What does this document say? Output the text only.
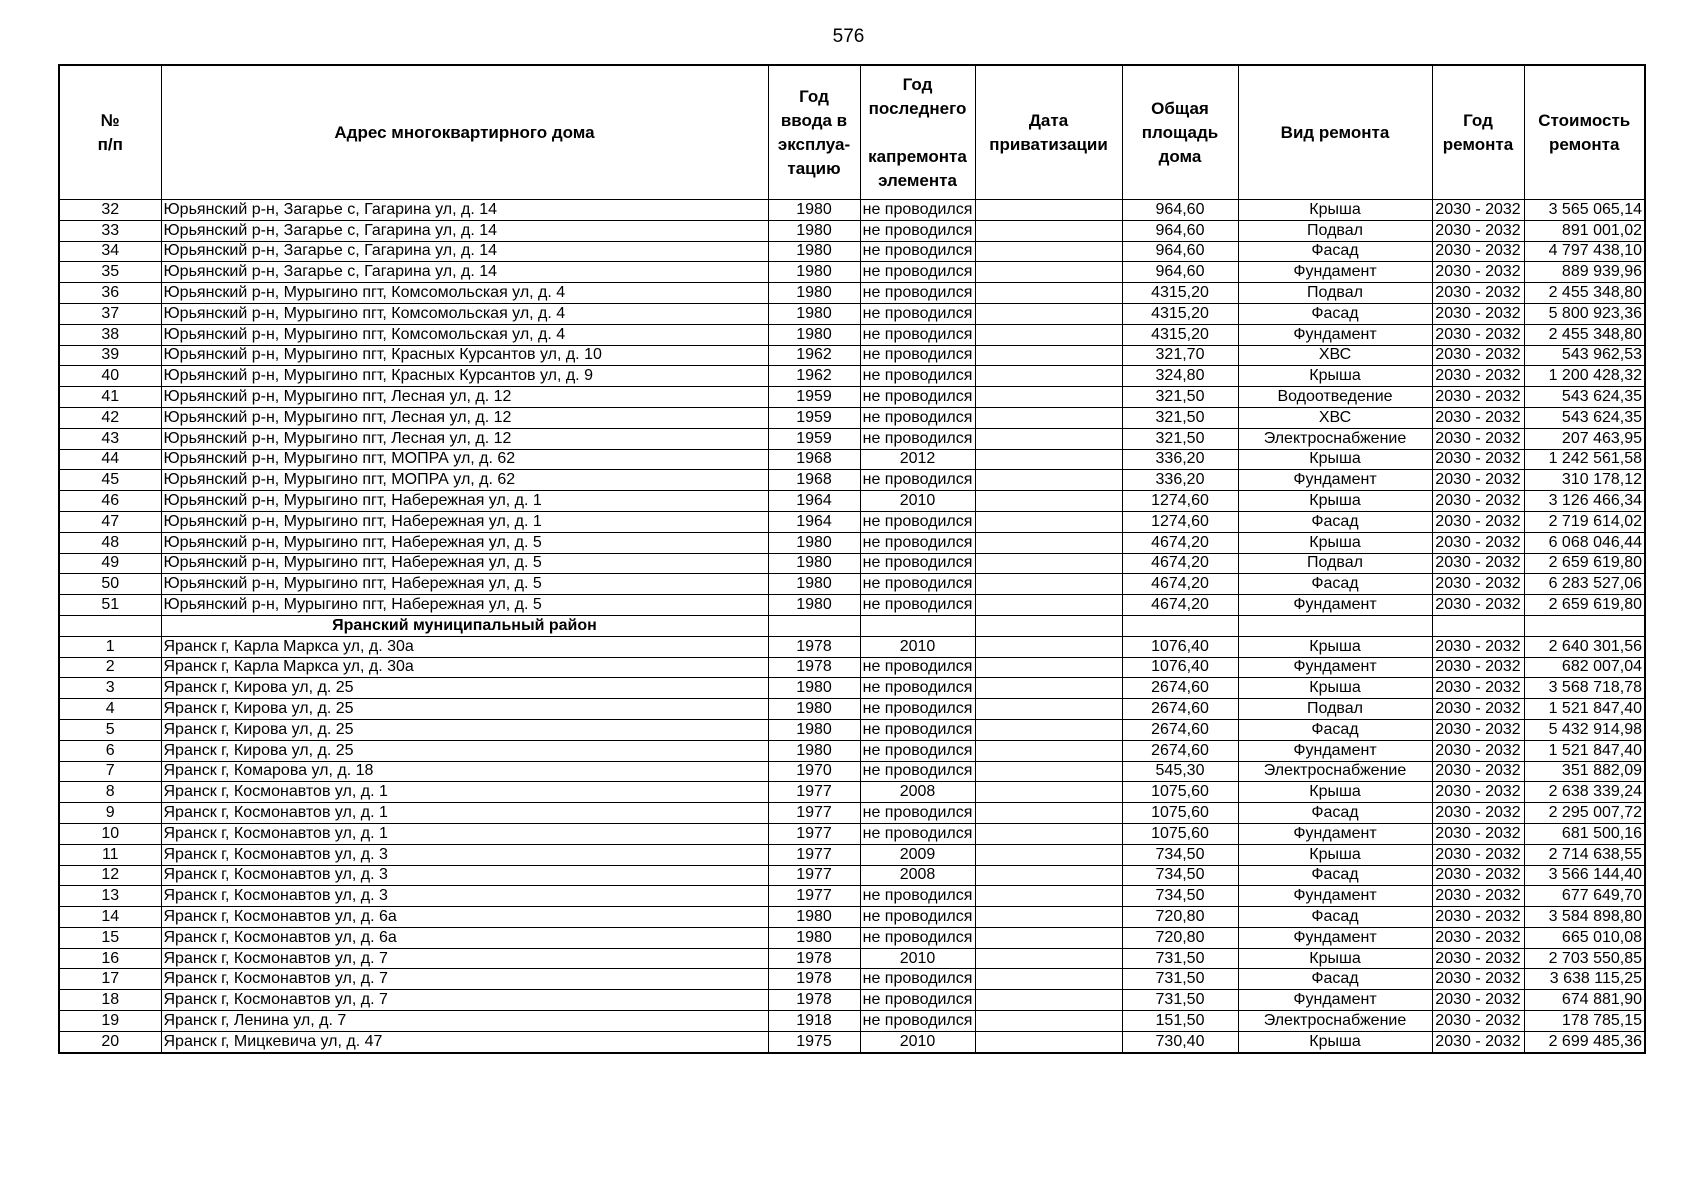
576
№
п/п	Адрес многоквартирного дома	Год
ввода в
эксплуа-
тацию	Год
последнего

капремонта
элемента	Дата
приватизации	Общая
площадь
дома	Вид ремонта	Год
ремонта	Стоимость
ремонта
32	Юрьянский р-н, Загарье с, Гагарина ул, д. 14	1980	не проводился		964,60	Крыша	2030 - 2032	3 565 065,14
33	Юрьянский р-н, Загарье с, Гагарина ул, д. 14	1980	не проводился		964,60	Подвал	2030 - 2032	891 001,02
34	Юрьянский р-н, Загарье с, Гагарина ул, д. 14	1980	не проводился		964,60	Фасад	2030 - 2032	4 797 438,10
35	Юрьянский р-н, Загарье с, Гагарина ул, д. 14	1980	не проводился		964,60	Фундамент	2030 - 2032	889 939,96
36	Юрьянский р-н, Мурыгино пгт, Комсомольская ул, д. 4	1980	не проводился		4315,20	Подвал	2030 - 2032	2 455 348,80
37	Юрьянский р-н, Мурыгино пгт, Комсомольская ул, д. 4	1980	не проводился		4315,20	Фасад	2030 - 2032	5 800 923,36
38	Юрьянский р-н, Мурыгино пгт, Комсомольская ул, д. 4	1980	не проводился		4315,20	Фундамент	2030 - 2032	2 455 348,80
39	Юрьянский р-н, Мурыгино пгт, Красных Курсантов ул, д. 10	1962	не проводился		321,70	ХВС	2030 - 2032	543 962,53
40	Юрьянский р-н, Мурыгино пгт, Красных Курсантов ул, д. 9	1962	не проводился		324,80	Крыша	2030 - 2032	1 200 428,32
41	Юрьянский р-н, Мурыгино пгт, Лесная ул, д. 12	1959	не проводился		321,50	Водоотведение	2030 - 2032	543 624,35
42	Юрьянский р-н, Мурыгино пгт, Лесная ул, д. 12	1959	не проводился		321,50	ХВС	2030 - 2032	543 624,35
43	Юрьянский р-н, Мурыгино пгт, Лесная ул, д. 12	1959	не проводился		321,50	Электроснабжение	2030 - 2032	207 463,95
44	Юрьянский р-н, Мурыгино пгт, МОПРА ул, д. 62	1968	2012		336,20	Крыша	2030 - 2032	1 242 561,58
45	Юрьянский р-н, Мурыгино пгт, МОПРА ул, д. 62	1968	не проводился		336,20	Фундамент	2030 - 2032	310 178,12
46	Юрьянский р-н, Мурыгино пгт, Набережная ул, д. 1	1964	2010		1274,60	Крыша	2030 - 2032	3 126 466,34
47	Юрьянский р-н, Мурыгино пгт, Набережная ул, д. 1	1964	не проводился		1274,60	Фасад	2030 - 2032	2 719 614,02
48	Юрьянский р-н, Мурыгино пгт, Набережная ул, д. 5	1980	не проводился		4674,20	Крыша	2030 - 2032	6 068 046,44
49	Юрьянский р-н, Мурыгино пгт, Набережная ул, д. 5	1980	не проводился		4674,20	Подвал	2030 - 2032	2 659 619,80
50	Юрьянский р-н, Мурыгино пгт, Набережная ул, д. 5	1980	не проводился		4674,20	Фасад	2030 - 2032	6 283 527,06
51	Юрьянский р-н, Мурыгино пгт, Набережная ул, д. 5	1980	не проводился		4674,20	Фундамент	2030 - 2032	2 659 619,80
	Яранский муниципальный район							
1	Яранск г, Карла Маркса ул, д. 30а	1978	2010		1076,40	Крыша	2030 - 2032	2 640 301,56
2	Яранск г, Карла Маркса ул, д. 30а	1978	не проводился		1076,40	Фундамент	2030 - 2032	682 007,04
3	Яранск г, Кирова ул, д. 25	1980	не проводился		2674,60	Крыша	2030 - 2032	3 568 718,78
4	Яранск г, Кирова ул, д. 25	1980	не проводился		2674,60	Подвал	2030 - 2032	1 521 847,40
5	Яранск г, Кирова ул, д. 25	1980	не проводился		2674,60	Фасад	2030 - 2032	5 432 914,98
6	Яранск г, Кирова ул, д. 25	1980	не проводился		2674,60	Фундамент	2030 - 2032	1 521 847,40
7	Яранск г, Комарова ул, д. 18	1970	не проводился		545,30	Электроснабжение	2030 - 2032	351 882,09
8	Яранск г, Космонавтов ул, д. 1	1977	2008		1075,60	Крыша	2030 - 2032	2 638 339,24
9	Яранск г, Космонавтов ул, д. 1	1977	не проводился		1075,60	Фасад	2030 - 2032	2 295 007,72
10	Яранск г, Космонавтов ул, д. 1	1977	не проводился		1075,60	Фундамент	2030 - 2032	681 500,16
11	Яранск г, Космонавтов ул, д. 3	1977	2009		734,50	Крыша	2030 - 2032	2 714 638,55
12	Яранск г, Космонавтов ул, д. 3	1977	2008		734,50	Фасад	2030 - 2032	3 566 144,40
13	Яранск г, Космонавтов ул, д. 3	1977	не проводился		734,50	Фундамент	2030 - 2032	677 649,70
14	Яранск г, Космонавтов ул, д. 6а	1980	не проводился		720,80	Фасад	2030 - 2032	3 584 898,80
15	Яранск г, Космонавтов ул, д. 6а	1980	не проводился		720,80	Фундамент	2030 - 2032	665 010,08
16	Яранск г, Космонавтов ул, д. 7	1978	2010		731,50	Крыша	2030 - 2032	2 703 550,85
17	Яранск г, Космонавтов ул, д. 7	1978	не проводился		731,50	Фасад	2030 - 2032	3 638 115,25
18	Яранск г, Космонавтов ул, д. 7	1978	не проводился		731,50	Фундамент	2030 - 2032	674 881,90
19	Яранск г, Ленина ул, д. 7	1918	не проводился		151,50	Электроснабжение	2030 - 2032	178 785,15
20	Яранск г, Мицкевича ул, д. 47	1975	2010		730,40	Крыша	2030 - 2032	2 699 485,36
